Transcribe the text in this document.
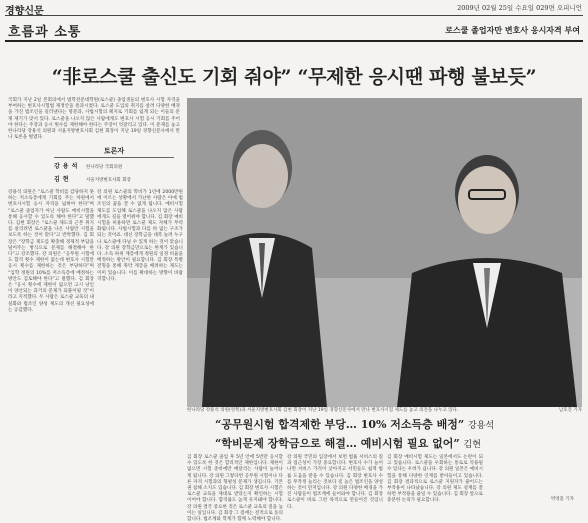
경향신문	2009년 02월 25일 수요일 029면 오피니언
흐름과 소통	로스쿨 졸업자만 변호사 응시자격 부여
“非로스쿨 출신도 기회 줘야” “무제한 응시땐 파행 불보듯”
국회가 지난 2일 본회의에서 법학전문대학원(로스쿨) 졸업생들의 변호사 시험 자격을 부여하는 변호사시험법 제정안을 통과시켰다. 로스쿨 도입의 취지를 살려 다양한 배경을 가진 법조인을 길러낸다는 명분과, 사법시험의 폐지로 기회를 잃게 되는 이들의 문제 제기가 맞서 있다. 로스쿨을 나오지 않은 사람에게도 변호사 시험 응시 기회를 주어야 한다는 주장과 응시 횟수를 제한해야 한다는 주장이 엇갈리고 있다. 이 문제를 놓고 한나라당 강용석 의원과 서울지방변호사회 김현 회장이 지난 19일 경향신문사에서 만나 토론을 벌였다.
토론자
강용석	한나라당 국회의원
김현	서울지방변호사회 회장
강용석 의원은 “로스쿨 학비를 감당하지 못하는 저소득층에게 기회를 주는 차원에서 변호사시험 응시 자격을 넓혀야 한다”며 “로스쿨 졸업자가 아닌 사람도 예비시험을 통해 응시할 수 있도록 해야 한다”고 말했다. 김현 회장은 “로스쿨 제도의 근본 취지를 살리려면 로스쿨을 나온 사람만 시험을 보도록 하는 것이 맞다”고 반박했다. 김 회장은 “장학금 제도를 확충해 경제적 부담을 덜어주는 방식으로 문제를 해결해야 한다”고 강조했다. 강 의원은 “공무원 시험에도 합격 횟수 제한이 없는데 변호사 시험만 응시 횟수를 제한하는 것은 부당하다”며 “입학 정원의 10%를 저소득층에 배정하는 방안도 검토해야 한다”고 말했다. 김 회장은 “응시 횟수에 제한이 없으면 고시 낭인이 양산되는 과거의 문제가 되풀이될 것”이라고 지적했다. 두 사람은 로스쿨 교육의 내실화와 법조인 양성 제도의 개선 필요성에는 공감했다.
강 의원 로스쿨의 학비가 1년에 2000만원에 이르는 상황에서 가난한 사람은 아예 법조인의 꿈을 꿀 수 없게 됩니다. 예비시험 제도를 도입해 로스쿨을 나오지 않은 사람에게도 길을 열어줘야 합니다. 김 회장 예비시험을 허용하면 로스쿨 제도 자체가 무력화됩니다. 사법시험과 다를 바 없는 구조가 되는 것이죠. 대신 장학금을 대폭 늘려 누구나 로스쿨에 다닐 수 있게 하는 것이 맞습니다. 강 의원 장학금만으로는 한계가 있습니다. 소득 하위 계층에게 정원의 일정 비율을 배정하는 방안이 필요합니다. 김 회장 특별전형을 통해 취약 계층을 배려하는 제도는 이미 있습니다. 이를 확대하는 방향이 바람직합니다.
한나라당 강용석 의원(왼쪽)과 서울지방변호사회 김현 회장이 지난 19일 경향신문사에서 만나 변호사시험 제도를 놓고 의견을 나누고 있다.	남호진 기자
“공무원시험 합격제한 부당… 10% 저소득층 배정” 강용석
“학비문제 장학금으로 해결… 예비시험 필요 없어” 김현
김 회장 로스쿨 졸업 후 5년 안에 5번만 응시할 수 있도록 한 것은 합리적인 제한입니다. 제한이 없으면 시험 준비에만 매달리는 사람이 늘어나게 됩니다. 강 의원 그렇다면 공무원 시험이나 다른 자격 시험과의 형평성 문제가 생깁니다. 기본권 침해 소지도 있습니다. 김 회장 변호사 시험은 로스쿨 교육을 제대로 받았는지 확인하는 시험이어야 합니다. 합격률도 높게 유지돼야 합니다. 강 의원 결국 중요한 것은 로스쿨 교육의 질을 높이는 일입니다. 김 회장 그 점에는 전적으로 동의합니다. 법조계와 학계가 함께 노력해야 합니다.
강 의원 국민의 입장에서 보면 법률 서비스의 질과 접근성이 가장 중요합니다. 변호사 수가 늘어나면 서비스 가격이 낮아지고 서민들도 쉽게 법률 도움을 받을 수 있습니다. 김 회장 변호사 수를 무작정 늘리는 것보다 질 높은 법조인을 양성하는 것이 먼저입니다. 강 의원 다양한 배경을 가진 사람들이 법조계에 들어와야 합니다. 김 회장 로스쿨이 바로 그런 목적으로 만들어진 것입니다.
김 회장 예비시험 제도는 일본에서도 논란이 되고 있습니다. 로스쿨을 우회하는 통로로 악용될 수 있다는 우려가 큽니다. 강 의원 일본은 예비시험을 통해 다양한 인재를 받아들이고 있습니다. 김 회장 결과적으로 로스쿨 지원자가 줄어드는 부작용이 나타났습니다. 강 의원 제도 설계를 잘 하면 부작용을 줄일 수 있습니다. 김 회장 앞으로 충분한 논의가 필요합니다.	박영흠 기자
